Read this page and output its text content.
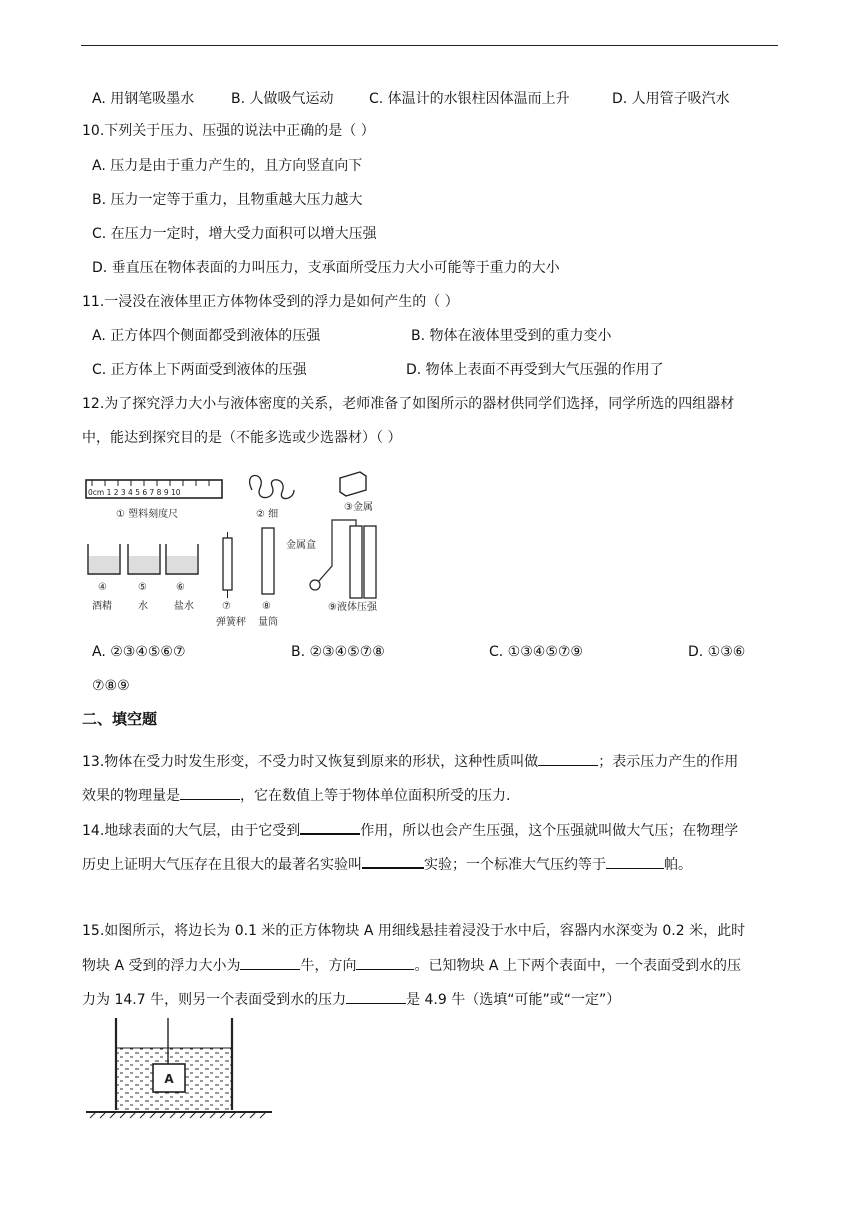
A. 用钢笔吸墨水	B. 人做吸气运动	C. 体温计的水银柱因体温而上升	D. 人用管子吸汽水
10.下列关于压力、压强的说法中正确的是（ ）
A. 压力是由于重力产生的，且方向竖直向下
B. 压力一定等于重力，且物重越大压力越大
C. 在压力一定时，增大受力面积可以增大压强
D. 垂直压在物体表面的力叫压力，支承面所受压力大小可能等于重力的大小
11.一浸没在液体里正方体物体受到的浮力是如何产生的（ ）
A. 正方体四个侧面都受到液体的压强	B. 物体在液体里受到的重力变小
C. 正方体上下两面受到液体的压强	D. 物体上表面不再受到大气压强的作用了
12.为了探究浮力大小与液体密度的关系，老师准备了如图所示的器材供同学们选择，同学所选的四组器材
中，能达到探究目的是（不能多选或少选器材）（ ）
0cm 1 2 3 4 5 6 7 8 9 10
① 塑料刻度尺	② 细
③金属
④	⑤	⑥
酒精	水	盐水	⑦
弹簧秤
⑧
量筒
金属盒
⑨液体压强
A. ②③④⑤⑥⑦	B. ②③④⑤⑦⑧	C. ①③④⑤⑦⑨	D. ①③⑥
⑦⑧⑨
二、填空题
13.物体在受力时发生形变，不受力时又恢复到原来的形状，这种性质叫做	；表示压力产生的作用
效果的物理量是	，它在数值上等于物体单位面积所受的压力.
14.地球表面的大气层，由于它受到	作用，所以也会产生压强，这个压强就叫做大气压；在物理学
历史上证明大气压存在且很大的最著名实验叫	实验；一个标准大气压约等于	帕。
15.如图所示，将边长为 0.1 米的正方体物块 A 用细线悬挂着浸没于水中后，容器内水深变为 0.2 米，此时
物块 A 受到的浮力大小为	牛，方向	。已知物块 A 上下两个表面中，一个表面受到水的压
力为 14.7 牛，则另一个表面受到水的压力	是 4.9 牛（选填“可能”或“一定”）
A
